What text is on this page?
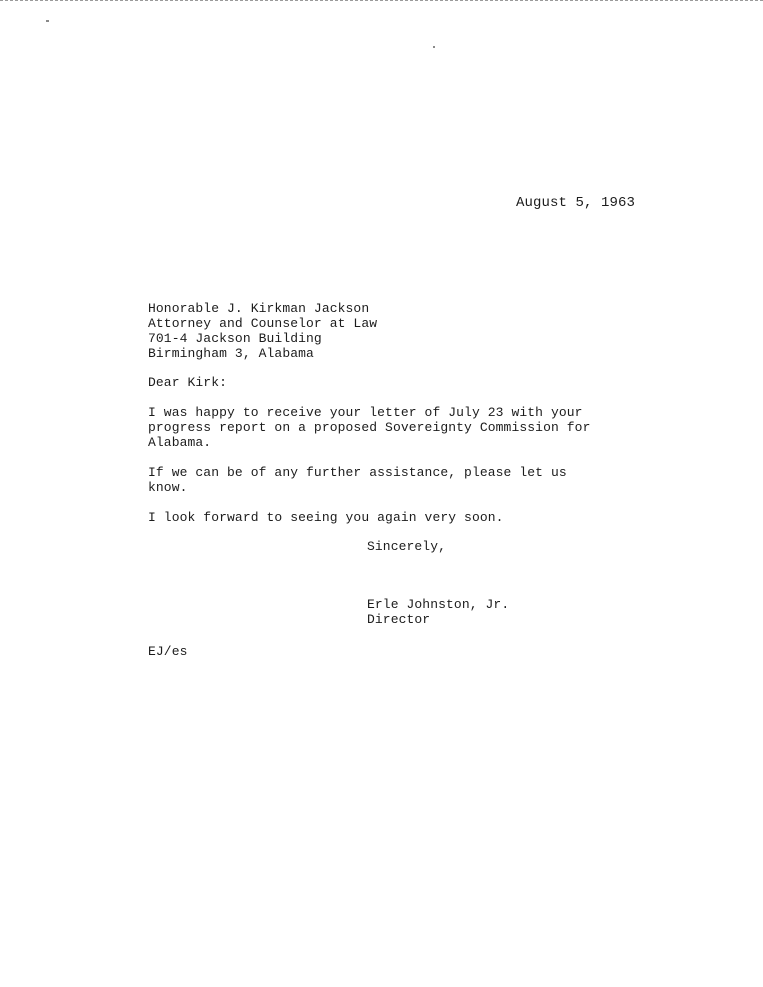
August 5, 1963
Honorable J. Kirkman Jackson
Attorney and Counselor at Law
701-4 Jackson Building
Birmingham 3, Alabama
Dear Kirk:
I was happy to receive your letter of July 23 with your
progress report on a proposed Sovereignty Commission for
Alabama.
If we can be of any further assistance, please let us
know.
I look forward to seeing you again very soon.
Sincerely,
Erle Johnston, Jr.
Director
EJ/es
